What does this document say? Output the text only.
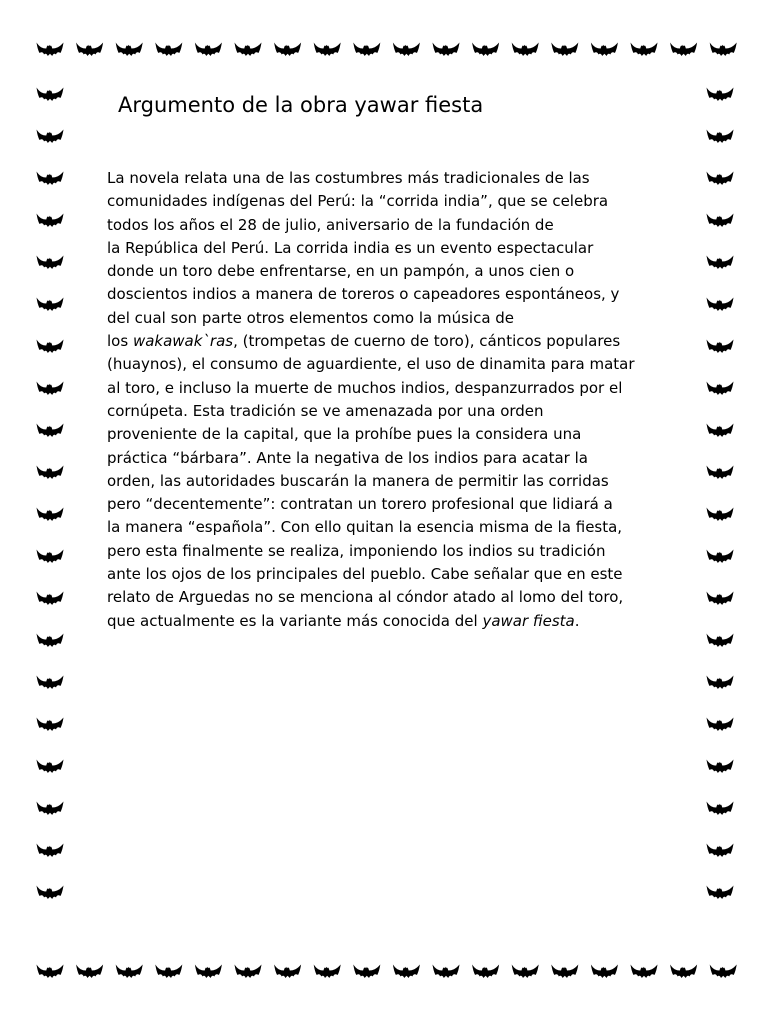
Argumento de la obra yawar fiesta
La novela relata una de las costumbres más tradicionales de las
comunidades indígenas del Perú: la “corrida india”, que se celebra
todos los años el 28 de julio, aniversario de la fundación de
la República del Perú. La corrida india es un evento espectacular
donde un toro debe enfrentarse, en un pampón, a unos cien o
doscientos indios a manera de toreros o capeadores espontáneos, y
del cual son parte otros elementos como la música de
los wakawak`ras, (trompetas de cuerno de toro), cánticos populares
(huaynos), el consumo de aguardiente, el uso de dinamita para matar
al toro, e incluso la muerte de muchos indios, despanzurrados por el
cornúpeta. Esta tradición se ve amenazada por una orden
proveniente de la capital, que la prohíbe pues la considera una
práctica “bárbara”. Ante la negativa de los indios para acatar la
orden, las autoridades buscarán la manera de permitir las corridas
pero “decentemente”: contratan un torero profesional que lidiará a
la manera “española”. Con ello quitan la esencia misma de la fiesta,
pero esta finalmente se realiza, imponiendo los indios su tradición
ante los ojos de los principales del pueblo. Cabe señalar que en este
relato de Arguedas no se menciona al cóndor atado al lomo del toro,
que actualmente es la variante más conocida del yawar fiesta.
